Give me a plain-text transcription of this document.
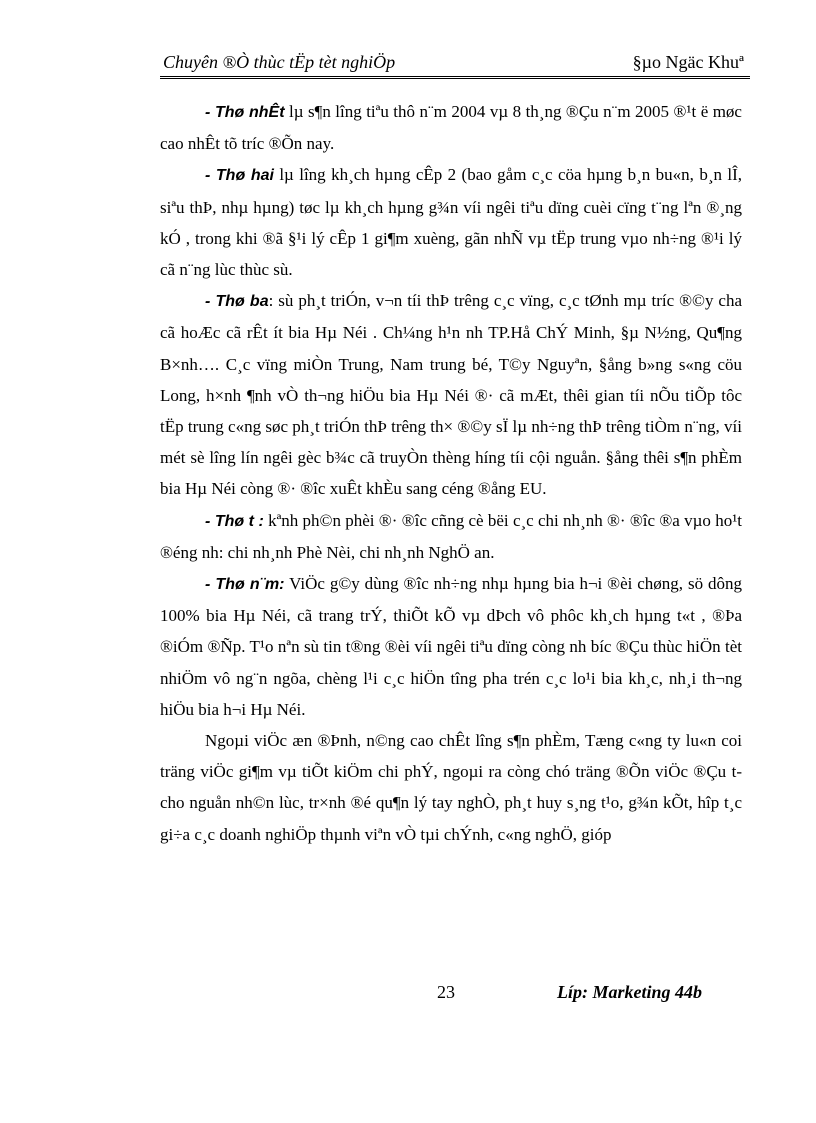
Chuyên ®Ò thùc tËp tèt nghiÖp	§µo Ngäc Khuª

- Thø nhÊt lµ s¶n lîng tiªu thô n¨m 2004 vµ 8 th¸ng ®Çu n¨m 2005 ®¹t ë møc cao nhÊt tõ tríc ®Õn nay.

- Thø hai lµ lîng kh¸ch hµng cÊp 2 (bao gåm c¸c cöa hµng b¸n bu«n, b¸n lÎ, siªu thÞ, nhµ hµng) tøc lµ kh¸ch hµng g¾n víi ngêi tiªu dïng cuèi cïng t¨ng lªn ®¸ng kÓ , trong khi ®ã §¹i lý cÊp 1 gi¶m xuèng, gãn nhÑ vµ tËp trung vµo nh÷ng ®¹i lý cã n¨ng lùc thùc sù.

- Thø ba: sù ph¸t triÓn, v¬n tíi thÞ trêng c¸c vïng, c¸c tØnh mµ tríc ®©y cha cã hoÆc cã rÊt ít bia Hµ Néi . Ch¼ng h¹n nh TP.Hå ChÝ Minh, §µ N½ng, Qu¶ng B×nh…. C¸c vïng miÒn Trung, Nam trung bé, T©y Nguyªn, §ång b»ng s«ng cöu Long, h×nh ¶nh vÒ th¬ng hiÖu bia Hµ Néi ®· cã mÆt, thêi gian tíi nÕu tiÕp tôc tËp trung c«ng søc ph¸t triÓn thÞ trêng th× ®©y sÏ lµ nh÷ng thÞ trêng tiÒm n¨ng, víi mét sè lîng lín ngêi gèc b¾c cã truyÒn thèng híng tíi cội nguån. §ång thêi s¶n phÈm bia Hµ Néi còng ®· ®îc xuÊt khÈu sang céng ®ång EU.

- Thø t : kªnh ph©n phèi ®· ®îc cñng cè bëi c¸c chi nh¸nh ®· ®îc ®a vµo ho¹t ®éng nh: chi nh¸nh Phè Nèi, chi nh¸nh NghÖ an.

- Thø n¨m: ViÖc g©y dùng ®îc nh÷ng nhµ hµng bia h¬i ®èi chøng, sö dông 100% bia Hµ Néi, cã trang trÝ, thiÕt kÕ vµ dÞch vô phôc kh¸ch hµng t«t , ®Þa ®iÓm ®Ñp. T¹o nªn sù tin t®ng ®èi víi ngêi tiªu dïng còng nh bíc ®Çu thùc hiÖn tèt nhiÖm vô ng¨n ngõa, chèng l¹i c¸c hiÖn tîng pha trén c¸c lo¹i bia kh¸c, nh¸i th¬ng hiÖu bia h¬i Hµ Néi.

Ngoµi viÖc æn ®Þnh, n©ng cao chÊt lîng s¶n phÈm, Tæng c«ng ty lu«n coi träng viÖc gi¶m vµ tiÕt kiÖm chi phÝ, ngoµi ra còng chó träng ®Õn viÖc ®Çu t cho nguån nh©n lùc, tr×nh ®é qu¶n lý tay nghÒ, ph¸t huy s¸ng t¹o, g¾n kÕt, hîp t¸c gi÷a c¸c doanh nghiÖp thµnh viªn vÒ tµi chÝnh, c«ng nghÖ, gióp

23	Líp: Marketing 44b
